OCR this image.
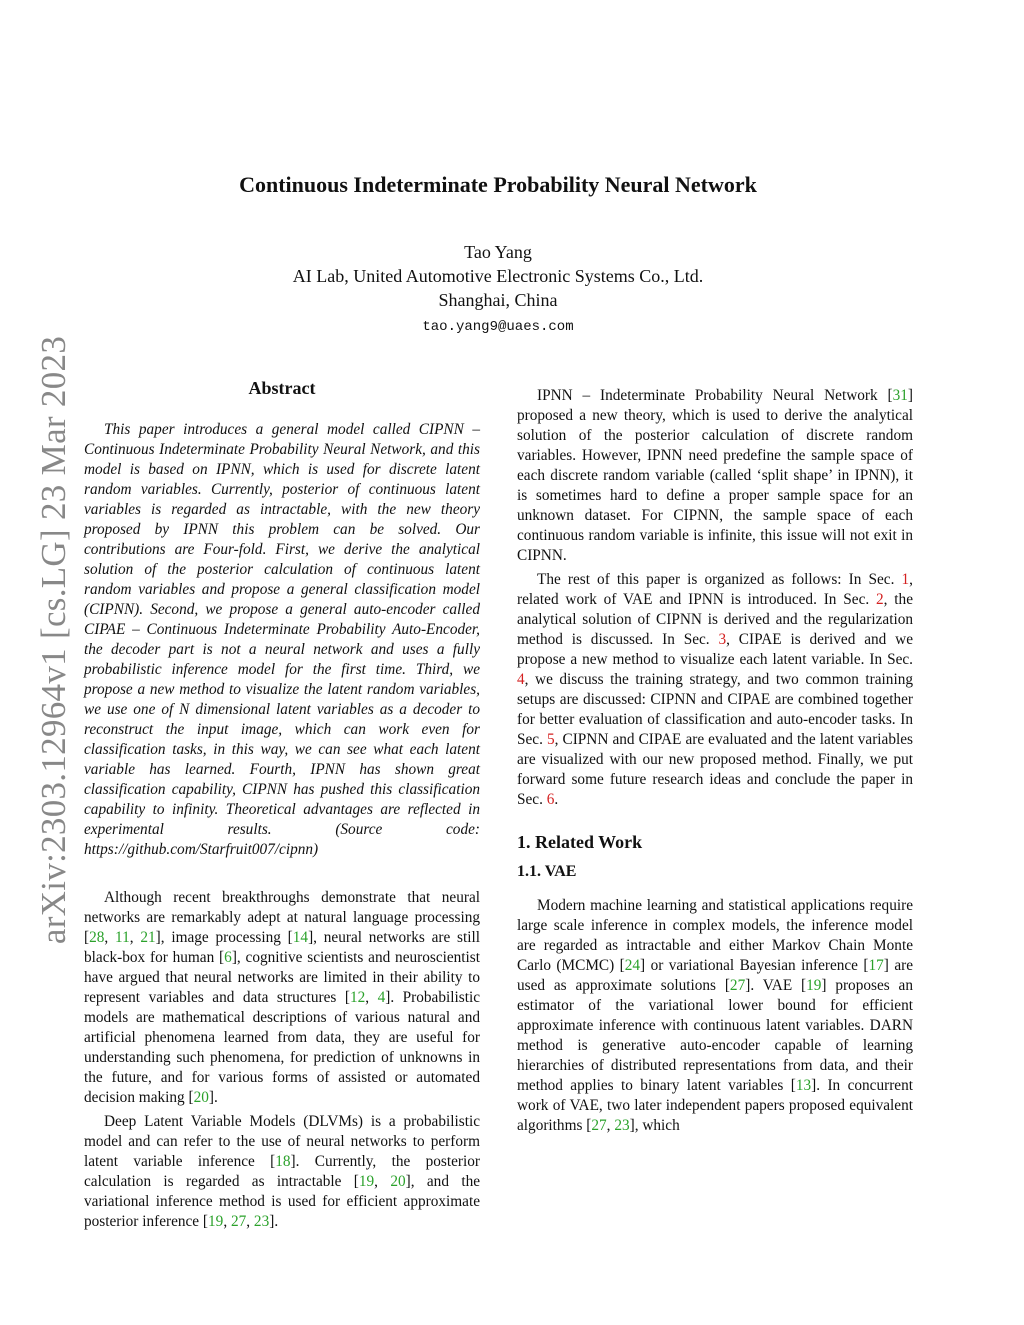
arXiv:2303.12964v1 [cs.LG] 23 Mar 2023
Continuous Indeterminate Probability Neural Network
Tao Yang
AI Lab, United Automotive Electronic Systems Co., Ltd.
Shanghai, China
tao.yang9@uaes.com
Abstract

This paper introduces a general model called CIPNN – Continuous Indeterminate Probability Neural Network, and this model is based on IPNN, which is used for discrete latent random variables. Currently, posterior of continuous latent variables is regarded as intractable, with the new theory proposed by IPNN this problem can be solved. Our contributions are Four-fold. First, we derive the analytical solution of the posterior calculation of continuous latent random variables and propose a general classification model (CIPNN). Second, we propose a general auto-encoder called CIPAE – Continuous Indeterminate Probability Auto-Encoder, the decoder part is not a neural network and uses a fully probabilistic inference model for the first time. Third, we propose a new method to visualize the latent random variables, we use one of N dimensional latent variables as a decoder to reconstruct the input image, which can work even for classification tasks, in this way, we can see what each latent variable has learned. Fourth, IPNN has shown great classification capability, CIPNN has pushed this classification capability to infinity. Theoretical advantages are reflected in experimental results. (Source code: https://github.com/Starfruit007/cipnn)

Although recent breakthroughs demonstrate that neural networks are remarkably adept at natural language processing [28, 11, 21], image processing [14], neural networks are still black-box for human [6], cognitive scientists and neuroscientist have argued that neural networks are limited in their ability to represent variables and data structures [12, 4]. Probabilistic models are mathematical descriptions of various natural and artificial phenomena learned from data, they are useful for understanding such phenomena, for prediction of unknowns in the future, and for various forms of assisted or automated decision making [20].

Deep Latent Variable Models (DLVMs) is a probabilistic model and can refer to the use of neural networks to perform latent variable inference [18]. Currently, the posterior calculation is regarded as intractable [19, 20], and the variational inference method is used for efficient approximate posterior inference [19, 27, 23].

IPNN – Indeterminate Probability Neural Network [31] proposed a new theory, which is used to derive the analytical solution of the posterior calculation of discrete random variables. However, IPNN need predefine the sample space of each discrete random variable (called ‘split shape’ in IPNN), it is sometimes hard to define a proper sample space for an unknown dataset. For CIPNN, the sample space of each continuous random variable is infinite, this issue will not exit in CIPNN.

The rest of this paper is organized as follows: In Sec. 1, related work of VAE and IPNN is introduced. In Sec. 2, the analytical solution of CIPNN is derived and the regularization method is discussed. In Sec. 3, CIPAE is derived and we propose a new method to visualize each latent variable. In Sec. 4, we discuss the training strategy, and two common training setups are discussed: CIPNN and CIPAE are combined together for better evaluation of classification and auto-encoder tasks. In Sec. 5, CIPNN and CIPAE are evaluated and the latent variables are visualized with our new proposed method. Finally, we put forward some future research ideas and conclude the paper in Sec. 6.

1. Related Work
1.1. VAE

Modern machine learning and statistical applications require large scale inference in complex models, the inference model are regarded as intractable and either Markov Chain Monte Carlo (MCMC) [24] or variational Bayesian inference [17] are used as approximate solutions [27]. VAE [19] proposes an estimator of the variational lower bound for efficient approximate inference with continuous latent variables. DARN method is generative auto-encoder capable of learning hierarchies of distributed representations from data, and their method applies to binary latent variables [13]. In concurrent work of VAE, two later independent papers proposed equivalent algorithms [27, 23], which
